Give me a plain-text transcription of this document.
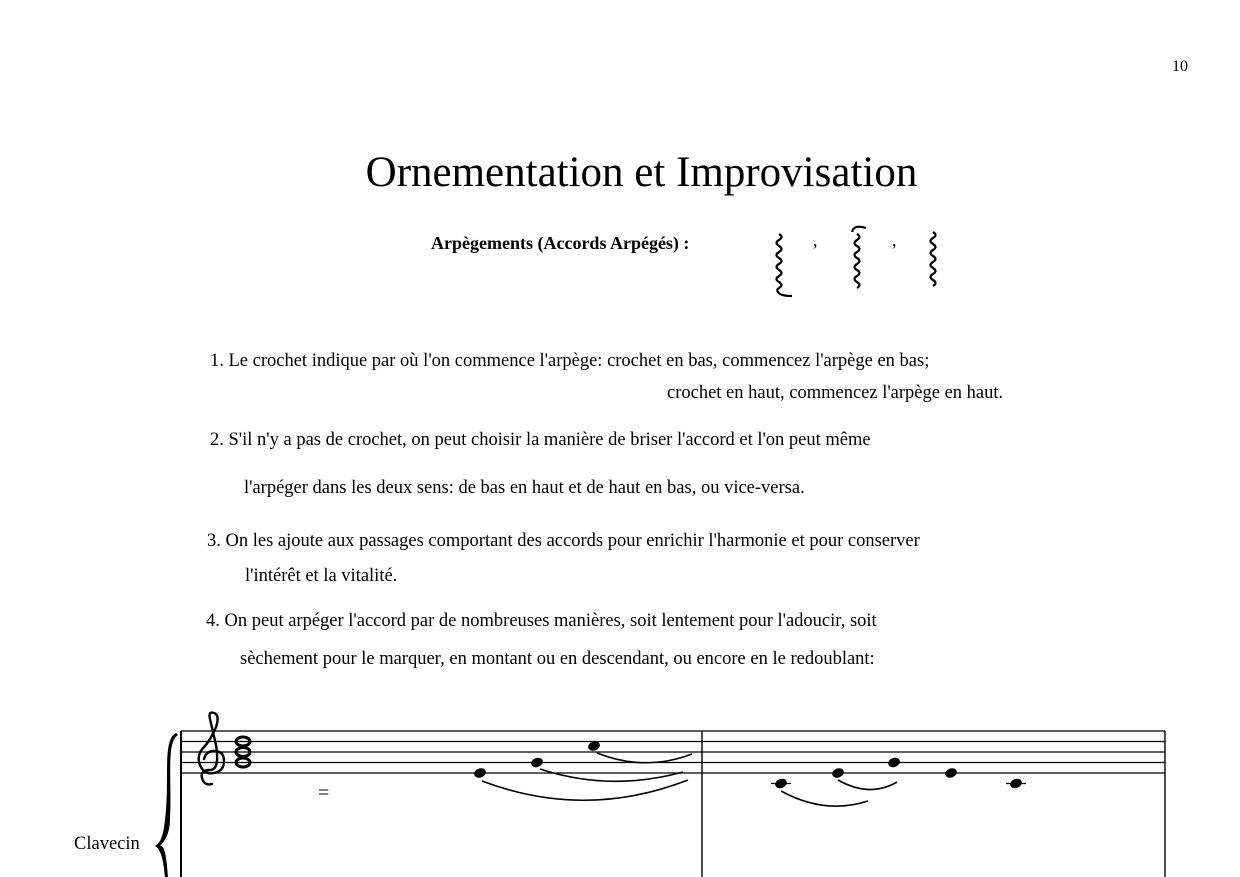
10
Ornementation et Improvisation
Arpègements (Accords Arpégés) :	,	,
1. Le crochet indique par où l'on commence l'arpège: crochet en bas, commencez l'arpège en bas;
crochet en haut, commencez l'arpège en haut.
2. S'il n'y a pas de crochet, on peut choisir la manière de briser l'accord et l'on peut même
l'arpéger dans les deux sens: de bas en haut et de haut en bas, ou vice-versa.
3. On les ajoute aux passages comportant des accords pour enrichir l'harmonie et pour conserver
l'intérêt et la vitalité.
4. On peut arpéger l'accord par de nombreuses manières, soit lentement pour l'adoucir, soit
sèchement pour le marquer, en montant ou en descendant, ou encore en le redoublant:
Clavecin
=
